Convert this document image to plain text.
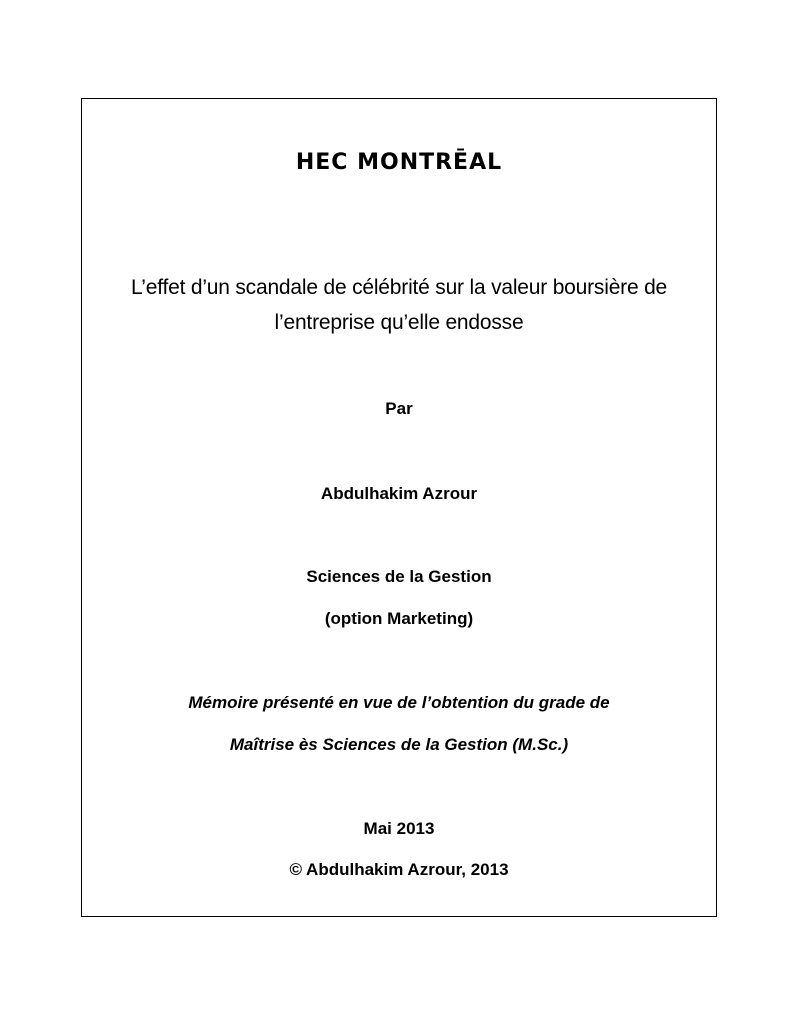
HEC MONTRĒAL
L’effet d’un scandale de célébrité sur la valeur boursière de
l’entreprise qu’elle endosse
Par
Abdulhakim Azrour
Sciences de la Gestion
(option Marketing)
Mémoire présenté en vue de l’obtention du grade de
Maîtrise ès Sciences de la Gestion (M.Sc.)
Mai 2013
© Abdulhakim Azrour, 2013
